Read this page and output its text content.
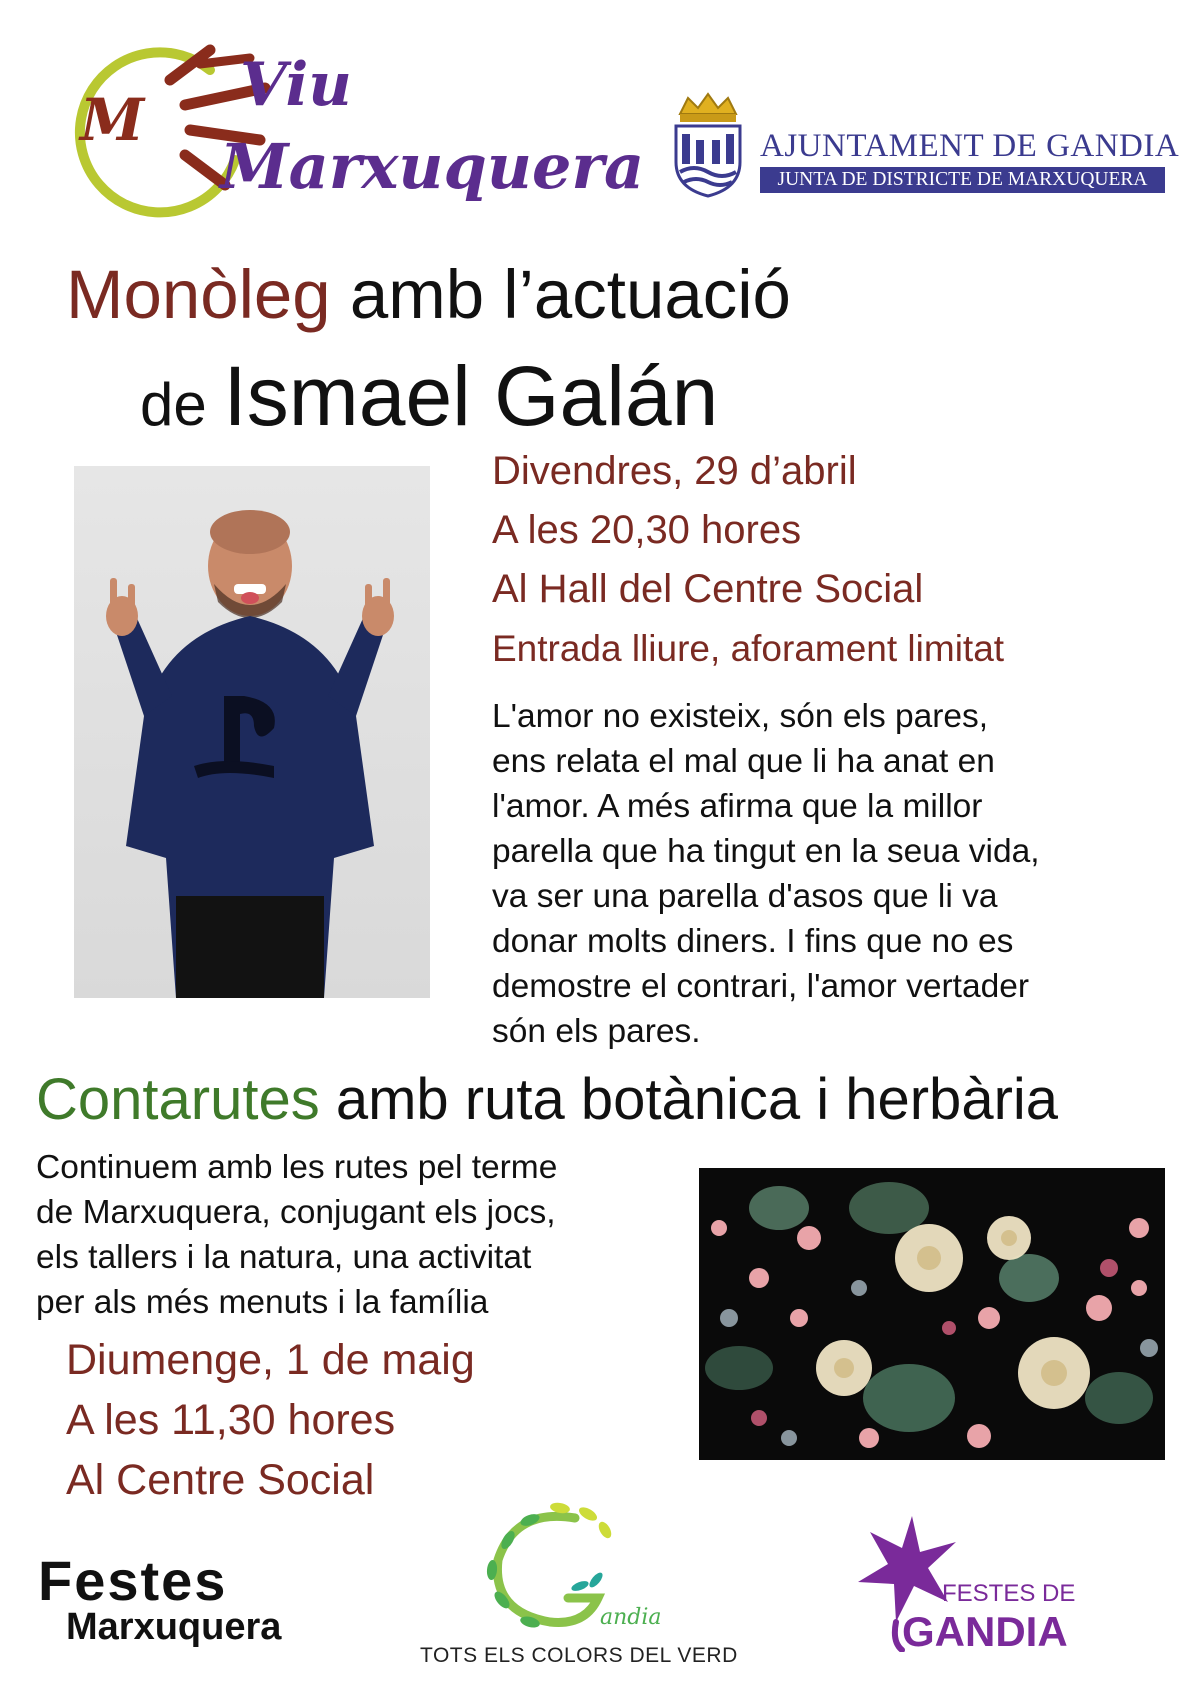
M Viu
Marxuquera	AJUNTAMENT DE GANDIA
JUNTA DE DISTRICTE DE MARXUQUERA
Monòleg amb l’actuació
de Ismael Galán
Divendres, 29 d’abril
A les 20,30 hores
Al Hall del Centre Social
Entrada lliure, aforament limitat
L'amor no existeix, són els pares,
ens relata el mal que li ha anat en
l'amor. A més afirma que la millor
parella que ha tingut en la seua vida,
va ser una parella d'asos que li va
donar molts diners. I fins que no es
demostre el contrari, l'amor vertader
són els pares.
Contarutes amb ruta botànica i herbària
Continuem amb les rutes pel terme
de Marxuquera, conjugant els jocs,
els tallers i la natura, una activitat
per als més menuts i la família
Diumenge, 1 de maig
A les 11,30 hores
Al Centre Social
Festes
Marxuquera	andia
TOTS ELS COLORS DEL VERD
FESTES DE
GANDIA
